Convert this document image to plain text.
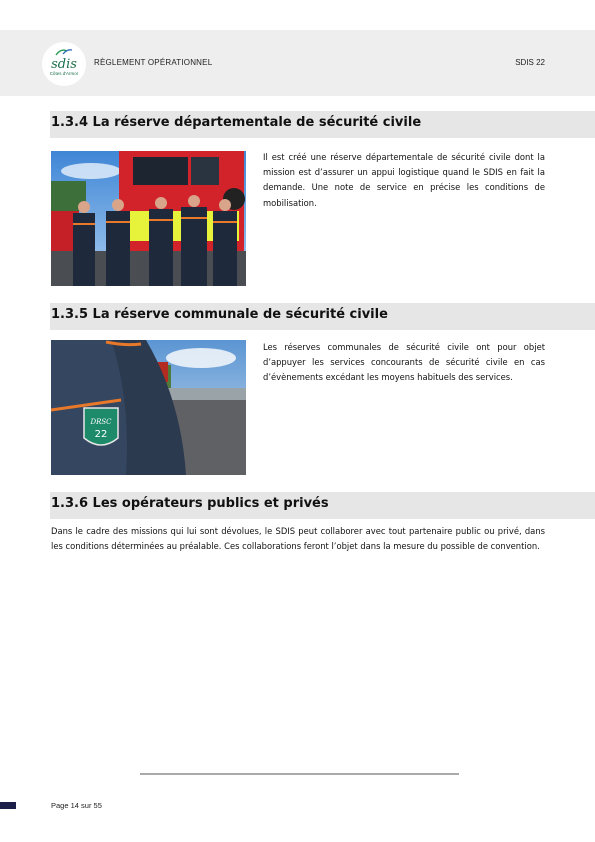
sdis
Côtes d'Armor
RÈGLEMENT OPÉRATIONNEL	SDIS 22
1.3.4 La réserve départementale de sécurité civile
Il est créé une réserve départementale de sécurité civile dont la mission est d’assurer un appui logistique quand le SDIS en fait la demande. Une note de service en précise les conditions de mobilisation.
1.3.5 La réserve communale de sécurité civile
DRSC
22
Les réserves communales de sécurité civile ont pour objet d’appuyer les services concourants de sécurité civile en cas d’évènements excédant les moyens habituels des services.
1.3.6 Les opérateurs publics et privés
Dans le cadre des missions qui lui sont dévolues, le SDIS peut collaborer avec tout partenaire public ou privé, dans les conditions déterminées au préalable. Ces collaborations feront l’objet dans la mesure du possible de convention.
Page 14 sur 55
